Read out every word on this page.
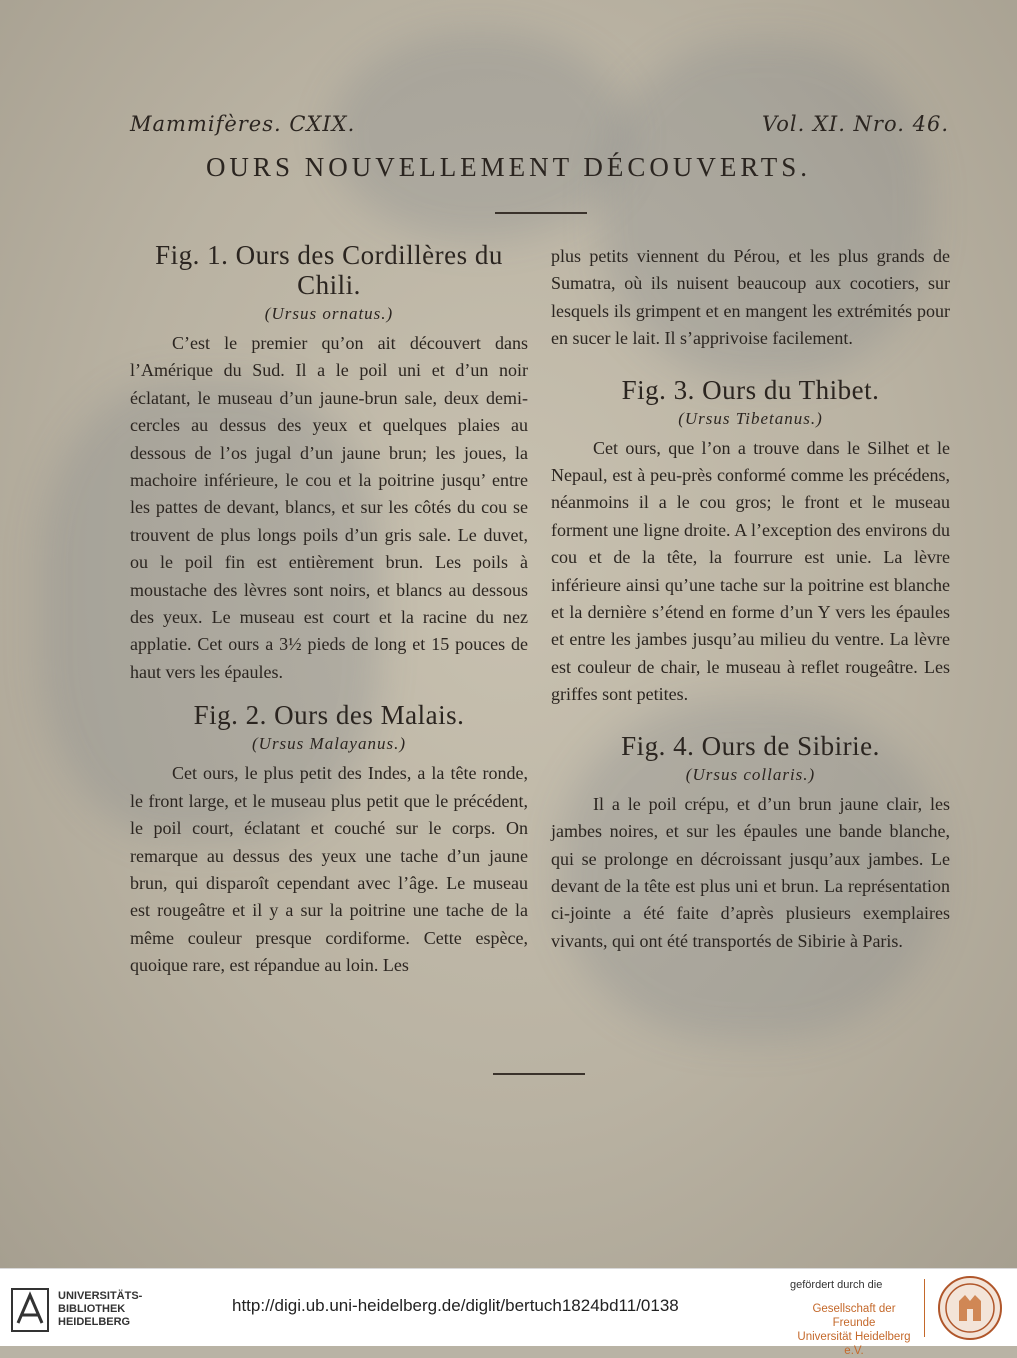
Mammifères. CXIX.	Vol. XI. Nro. 46.
OURS NOUVELLEMENT DÉCOUVERTS.
Fig. 1. Ours des Cordillères du Chili.
(Ursus ornatus.)

C’est le premier qu’on ait découvert dans l’Amérique du Sud. Il a le poil uni et d’un noir éclatant, le museau d’un jaune-brun sale, deux demi-cercles au dessus des yeux et quelques plaies au dessous de l’os jugal d’un jaune brun; les joues, la machoire inférieure, le cou et la poitrine jusqu’ entre les pattes de devant, blancs, et sur les côtés du cou se trouvent de plus longs poils d’un gris sale. Le duvet, ou le poil fin est entièrement brun. Les poils à moustache des lèvres sont noirs, et blancs au dessous des yeux. Le museau est court et la racine du nez applatie. Cet ours a 3½ pieds de long et 15 pouces de haut vers les épaules.

Fig. 2. Ours des Malais.
(Ursus Malayanus.)

Cet ours, le plus petit des Indes, a la tête ronde, le front large, et le museau plus petit que le précédent, le poil court, éclatant et couché sur le corps. On remarque au dessus des yeux une tache d’un jaune brun, qui disparoît cependant avec l’âge. Le museau est rougeâtre et il y a sur la poitrine une tache de la même couleur presque cordiforme. Cette espèce, quoique rare, est répandue au loin. Les

plus petits viennent du Pérou, et les plus grands de Sumatra, où ils nuisent beaucoup aux cocotiers, sur lesquels ils grimpent et en mangent les extrémités pour en sucer le lait. Il s’apprivoise facilement.

Fig. 3. Ours du Thibet.
(Ursus Tibetanus.)

Cet ours, que l’on a trouve dans le Silhet et le Nepaul, est à peu-près conformé comme les précédens, néanmoins il a le cou gros; le front et le museau forment une ligne droite. A l’exception des environs du cou et de la tête, la fourrure est unie. La lèvre inférieure ainsi qu’une tache sur la poitrine est blanche et la dernière s’étend en forme d’un Y vers les épaules et entre les jambes jusqu’au milieu du ventre. La lèvre est couleur de chair, le museau à reflet rougeâtre. Les griffes sont petites.

Fig. 4. Ours de Sibirie.
(Ursus collaris.)

Il a le poil crépu, et d’un brun jaune clair, les jambes noires, et sur les épaules une bande blanche, qui se prolonge en décroissant jusqu’aux jambes. Le devant de la tête est plus uni et brun. La représentation ci-jointe a été faite d’après plusieurs exemplaires vivants, qui ont été transportés de Sibirie à Paris.

UNIVERSITÄTS-
BIBLIOTHEK
HEIDELBERG
http://digi.ub.uni-heidelberg.de/diglit/bertuch1824bd11/0138
gefördert durch die
Gesellschaft der Freunde
Universität Heidelberg e.V.
